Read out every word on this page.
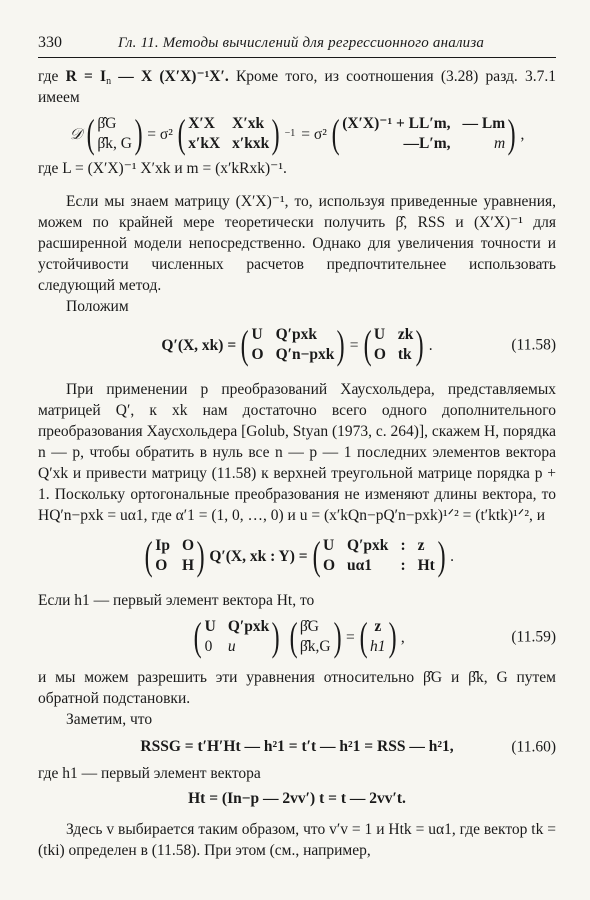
330	Гл. 11. Методы вычислений для регрессионного анализа

где $R = I_n$ — X (X′X)⁻¹X′. Кроме того, из соотношения (3.28) разд. 3.7.1 имеем

𝒟 ( β̂G
β̂k, G ) = σ² ( X′X	X′xk
x′kX x′kxk ) −1 = σ² ( (X′X)⁻¹ + LL′m, — Lm
—L′m,	m ) ,

где L = (X′X)⁻¹ X′xk и m = (x′kRxk)⁻¹.

Если мы знаем матрицу (X′X)⁻¹, то, используя приведенные уравнения, можем по крайней мере теоретически получить β̂, RSS и (X′X)⁻¹ для расширенной модели непосредственно. Однако для увеличения точности и устойчивости численных расчетов предпочтительнее использовать следующий метод.

Положим

Q′(X, xk) = ( U Q′pxk
O Q′n−pxk ) = ( U zk
O tk ) .	(11.58)

При применении p преобразований Хаусхольдера, представляемых матрицей Q′, к xk нам достаточно всего одного дополнительного преобразования Хаусхольдера [Golub, Styan (1973, с. 264)], скажем H, порядка n — p, чтобы обратить в нуль все n — p — 1 последних элементов вектора Q′xk и привести матрицу (11.58) к верхней треугольной матрице порядка p + 1. Поскольку ортогональные преобразования не изменяют длины вектора, то HQ′n−pxk = uα1, где α′1 = (1, 0, …, 0) и u = (x′kQn−pQ′n−pxk)¹ᐟ² = (t′ktk)¹ᐟ², и

( Ip O
O H ) Q′(X, xk : Y) = ( U Q′pxk : z
O uα1	: Ht ) .

Если h1 — первый элемент вектора Ht, то

( U Q′pxk
0 u ) ( β̂G
β̂k,G ) = ( z
h1 ) ,	(11.59)

и мы можем разрешить эти уравнения относительно β̂G и β̂k, G путем обратной подстановки.

Заметим, что

RSSG = t′H′Ht — h²1 = t′t — h²1 = RSS — h²1,	(11.60)

где h1 — первый элемент вектора

Ht = (In−p — 2vv′) t = t — 2vv′t.

Здесь v выбирается таким образом, что v′v = 1 и Htk = uα1, где вектор tk = (tki) определен в (11.58). При этом (см., например,
